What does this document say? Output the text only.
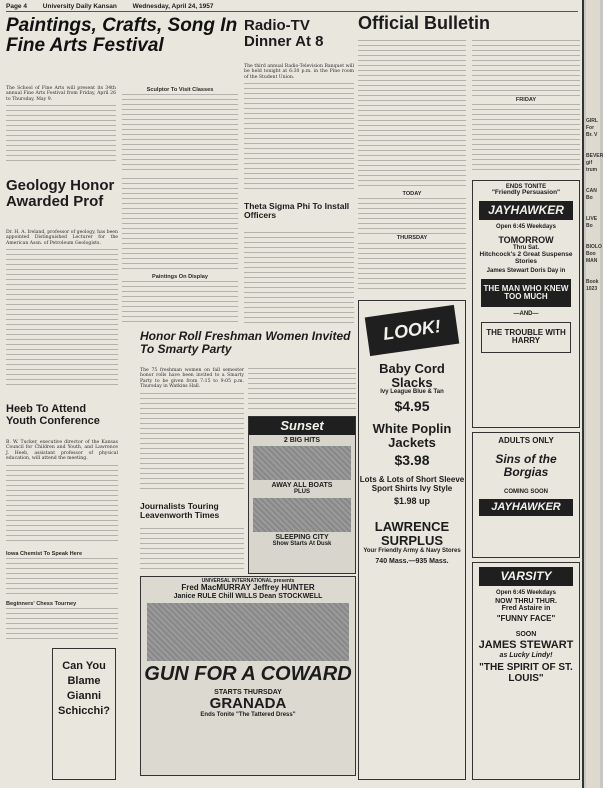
Page 4 University Daily Kansan Wednesday, April 24, 1957
Paintings, Crafts, Song In Fine Arts Festival
The School of Fine Arts will present its 34th annual Fine Arts Festival from Friday, April 26 to Thursday, May 9.
Sculptor To Visit Classes
Geology Honor Awarded Prof
Dr. H. A. Ireland, professor of geology, has been appointed Distinguished Lecturer for the American Assn. of Petroleum Geologists.
Paintings On Display
Heeb To Attend Youth Conference
B. W. Tucker, executive director of the Kansas Council for Children and Youth, and Lawrence J. Heeb, assistant professor of physical education, will attend the meeting.
Iowa Chemist To Speak Here
Beginners' Chess Tourney
Can You
Blame
Gianni
Schicchi?
Radio-TV Dinner At 8
The third annual Radio-Television Banquet will be held tonight at 6:30 p.m. in the Pine room of the Student Union.
Theta Sigma Phi To Install Officers
Official Bulletin
TODAY
THURSDAY
FRIDAY
Honor Roll Freshman Women Invited To Smarty Party
The 75 freshman women on fall semester honor rolls have been invited to a Smarty Party to be given from 7:15 to 9:05 p.m. Thursday in Watkins Hall.
Journalists Touring Leavenworth Times
Sunset
2 BIG HITS
AWAY ALL BOATS
PLUS
SLEEPING CITY
Show Starts At Dusk
UNIVERSAL INTERNATIONAL presents
Fred MacMURRAY Jeffrey HUNTER
Janice RULE Chill WILLS Dean STOCKWELL
GUN FOR A COWARD
STARTS THURSDAY
GRANADA
Ends Tonite "The Tattered Dress"
LOOK!
Baby Cord Slacks
Ivy League Blue & Tan
$4.95
White Poplin Jackets
$3.98
Lots & Lots of Short Sleeve Sport Shirts Ivy Style
$1.98 up
LAWRENCE SURPLUS
Your Friendly Army & Navy Stores
740 Mass.—935 Mass.
ENDS TONITE
"Friendly Persuasion"
JAYHAWKER
Open 6:45 Weekdays
TOMORROW
Thru Sat.
Hitchcock's 2 Great Suspense Stories
James Stewart Doris Day in
THE MAN WHO KNEW TOO MUCH
—AND—
THE TROUBLE WITH HARRY
ADULTS ONLY
Sins of the Borgias
COMING SOON
JAYHAWKER
VARSITY
Open 6:45 Weekdays
NOW THRU THUR.
Fred Astaire in
"FUNNY FACE"
SOON
JAMES STEWART
as Lucky Lindy!
"THE SPIRIT OF ST. LOUIS"
GIRL
For
Br. V
BEVER
gif
trum
CAN
Bo
LIVE
Bo
BIOLO
Boo
MAN
Book
1023
